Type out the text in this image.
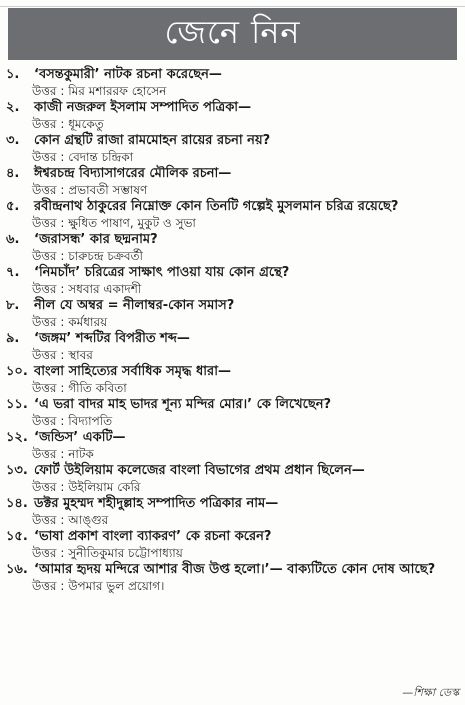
জেনে নিন
১.	‘বসন্তকুমারী’ নাটক রচনা করেছেন—
উত্তর : মির মশাররফ হোসেন
২.	কাজী নজরুল ইসলাম সম্পাদিত পত্রিকা—
উত্তর : ধূমকেতু
৩.	কোন গ্রন্থটি রাজা রামমোহন রায়ের রচনা নয়?
উত্তর : বেদান্ত চন্দ্রিকা
৪.	ঈশ্বরচন্দ্র বিদ্যাসাগরের মৌলিক রচনা—
উত্তর : প্রভাবতী সম্ভাষণ
৫.	রবীন্দ্রনাথ ঠাকুরের নিম্নোক্ত কোন তিনটি গল্পেই মুসলমান চরিত্র রয়েছে?
উত্তর : ক্ষুধিত পাষাণ, মুকুট ও সুভা
৬.	‘জরাসন্ধ’ কার ছদ্মনাম?
উত্তর : চারুচন্দ্র চক্রবর্তী
৭.	‘নিমচাঁদ’ চরিত্রের সাক্ষাৎ পাওয়া যায় কোন গ্রন্থে?
উত্তর : সধবার একাদশী
৮.	নীল যে অম্বর = নীলাম্বর-কোন সমাস?
উত্তর : কর্মধারয়
৯.	‘জঙ্গম’ শব্দটির বিপরীত শব্দ—
উত্তর : স্থাবর
১০. বাংলা সাহিত্যের সর্বাধিক সমৃদ্ধ ধারা—
উত্তর : গীতি কবিতা
১১. ‘এ ভরা বাদর মাহ ভাদর শূন্য মন্দির মোর।’ কে লিখেছেন?
উত্তর : বিদ্যাপতি
১২. ‘জন্ডিস’ একটি—
উত্তর : নাটক
১৩. ফোর্ট উইলিয়াম কলেজের বাংলা বিভাগের প্রথম প্রধান ছিলেন—
উত্তর : উইলিয়াম কেরি
১৪. ডক্টর মুহম্মদ শহীদুল্লাহ সম্পাদিত পত্রিকার নাম—
উত্তর : আঙ্গুর
১৫. ‘ভাষা প্রকাশ বাংলা ব্যাকরণ’ কে রচনা করেন?
উত্তর : সুনীতিকুমার চট্টোপাধ্যায়
১৬. ‘আমার হৃদয় মন্দিরে আশার বীজ উপ্ত হলো।’— বাক্যটিতে কোন দোষ আছে?
উত্তর : উপমার ভুল প্রয়োগ।
—শিক্ষা ডেস্ক
